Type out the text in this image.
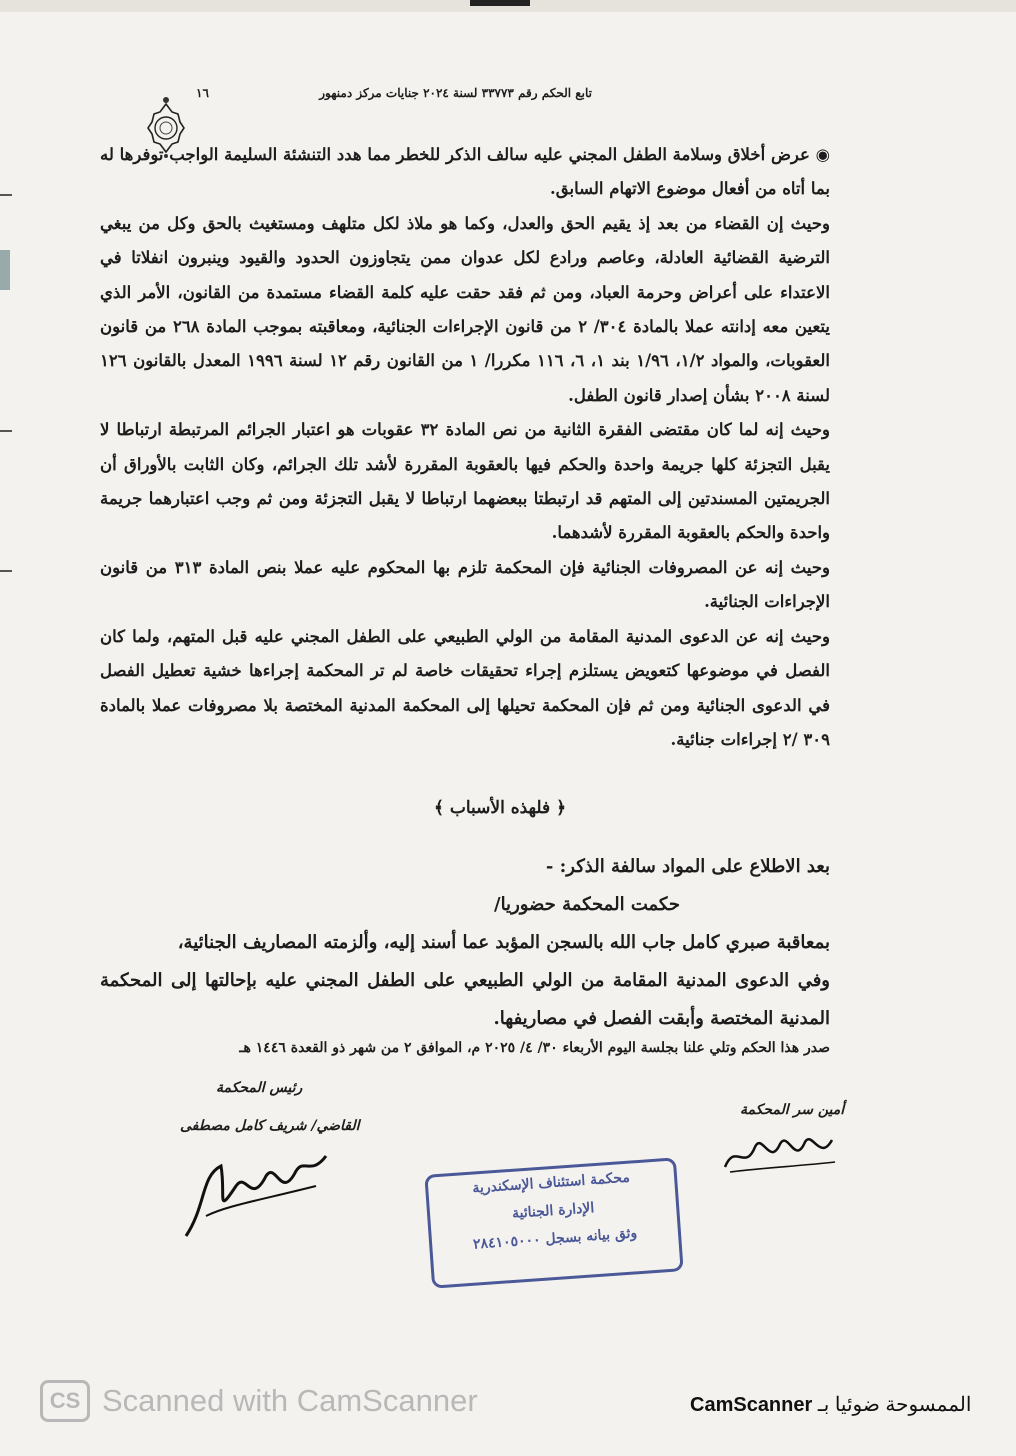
١٦	تابع الحكم رقم ٣٣٧٧٣ لسنة ٢٠٢٤ جنايات مركز دمنهور

◉ عرض أخلاق وسلامة الطفل المجني عليه سالف الذكر للخطر مما هدد التنشئة السليمة الواجب توفرها له بما أتاه من أفعال موضوع الاتهام السابق.

وحيث إن القضاء من بعد إذ يقيم الحق والعدل، وكما هو ملاذ لكل متلهف ومستغيث بالحق وكل من يبغي الترضية القضائية العادلة، وعاصم ورادع لكل عدوان ممن يتجاوزون الحدود والقيود وينبرون انفلاتا في الاعتداء على أعراض وحرمة العباد، ومن ثم فقد حقت عليه كلمة القضاء مستمدة من القانون، الأمر الذي يتعين معه إدانته عملا بالمادة ٣٠٤/ ٢ من قانون الإجراءات الجنائية، ومعاقبته بموجب المادة ٢٦٨ من قانون العقوبات، والمواد ١/٢، ١/٩٦ بند ١، ٦، ١١٦ مكررا/ ١ من القانون رقم ١٢ لسنة ١٩٩٦ المعدل بالقانون ١٢٦ لسنة ٢٠٠٨ بشأن إصدار قانون الطفل.

وحيث إنه لما كان مقتضى الفقرة الثانية من نص المادة ٣٢ عقوبات هو اعتبار الجرائم المرتبطة ارتباطا لا يقبل التجزئة كلها جريمة واحدة والحكم فيها بالعقوبة المقررة لأشد تلك الجرائم، وكان الثابت بالأوراق أن الجريمتين المسندتين إلى المتهم قد ارتبطتا ببعضهما ارتباطا لا يقبل التجزئة ومن ثم وجب اعتبارهما جريمة واحدة والحكم بالعقوبة المقررة لأشدهما.

وحيث إنه عن المصروفات الجنائية فإن المحكمة تلزم بها المحكوم عليه عملا بنص المادة ٣١٣ من قانون الإجراءات الجنائية.

وحيث إنه عن الدعوى المدنية المقامة من الولي الطبيعي على الطفل المجني عليه قبل المتهم، ولما كان الفصل في موضوعها كتعويض يستلزم إجراء تحقيقات خاصة لم تر المحكمة إجراءها خشية تعطيل الفصل في الدعوى الجنائية ومن ثم فإن المحكمة تحيلها إلى المحكمة المدنية المختصة بلا مصروفات عملا بالمادة ٣٠٩ /٢ إجراءات جنائية.

﴿ فلهذه الأسباب ﴾

بعد الاطلاع على المواد سالفة الذكر: -

حكمت المحكمة حضوريا/

بمعاقبة صبري كامل جاب الله بالسجن المؤبد عما أسند إليه، وألزمته المصاريف الجنائية،

وفي الدعوى المدنية المقامة من الولي الطبيعي على الطفل المجني عليه بإحالتها إلى المحكمة المدنية المختصة وأبقت الفصل في مصاريفها.

صدر هذا الحكم وتلي علنا بجلسة اليوم الأربعاء ٣٠/ ٤/ ٢٠٢٥ م، الموافق ٢ من شهر ذو القعدة ١٤٤٦ هـ
رئيس المحكمة
القاضي/ شريف كامل مصطفى
أمين سر المحكمة
محكمة استئناف الإسكندرية
الإدارة الجنائية
وثق بيانه بسجل ٢٨٤١٠٥٠٠٠
CS Scanned with CamScanner	الممسوحة ضوئيا بـ CamScanner
